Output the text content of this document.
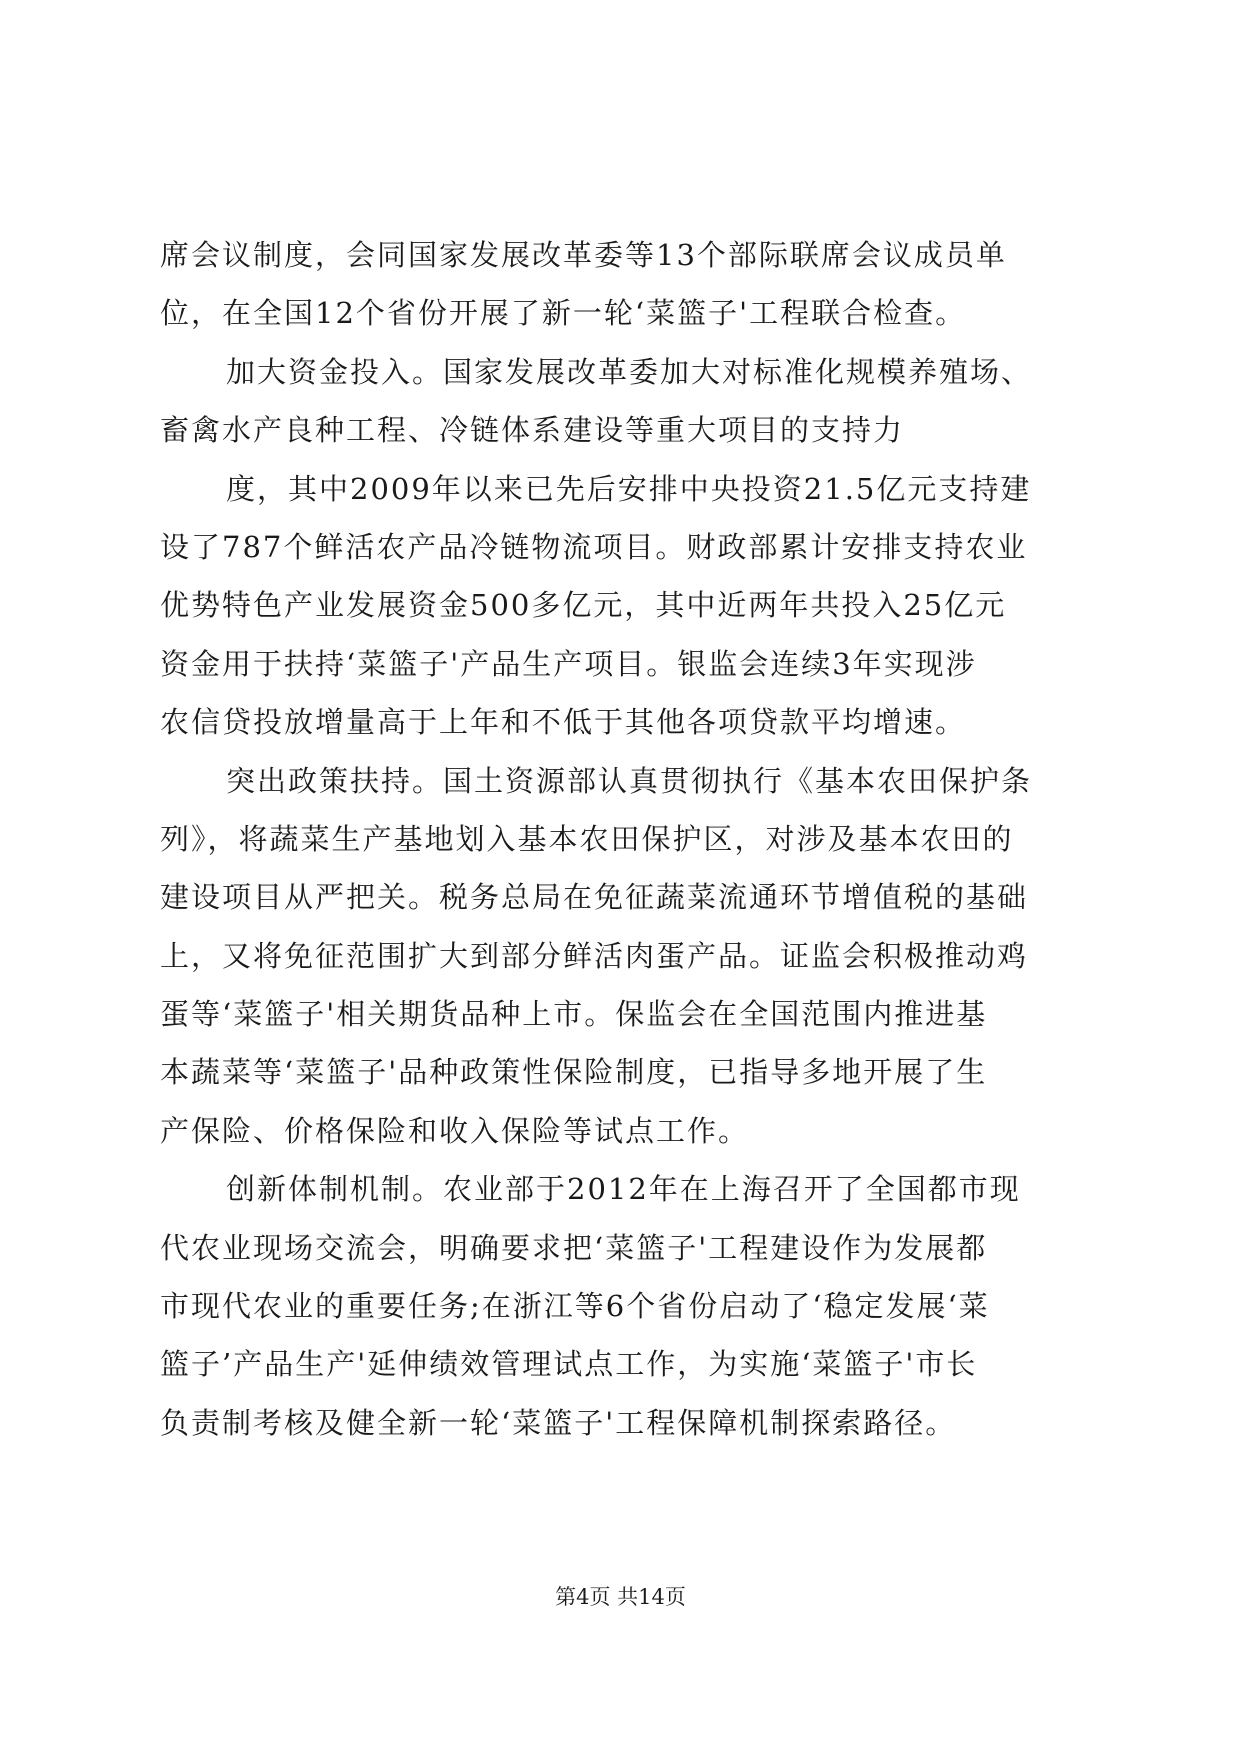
席会议制度，会同国家发展改革委等13个部际联席会议成员单
位，在全国12个省份开展了新一轮‘菜篮子'工程联合检查。
加大资金投入。国家发展改革委加大对标准化规模养殖场、
畜禽水产良种工程、冷链体系建设等重大项目的支持力
度，其中2009年以来已先后安排中央投资21.5亿元支持建
设了787个鲜活农产品冷链物流项目。财政部累计安排支持农业
优势特色产业发展资金500多亿元，其中近两年共投入25亿元
资金用于扶持‘菜篮子'产品生产项目。银监会连续3年实现涉
农信贷投放增量高于上年和不低于其他各项贷款平均增速。
突出政策扶持。国土资源部认真贯彻执行《基本农田保护条
列》，将蔬菜生产基地划入基本农田保护区，对涉及基本农田的
建设项目从严把关。税务总局在免征蔬菜流通环节增值税的基础
上，又将免征范围扩大到部分鲜活肉蛋产品。证监会积极推动鸡
蛋等‘菜篮子'相关期货品种上市。保监会在全国范围内推进基
本蔬菜等‘菜篮子'品种政策性保险制度，已指导多地开展了生
产保险、价格保险和收入保险等试点工作。
创新体制机制。农业部于2012年在上海召开了全国都市现
代农业现场交流会，明确要求把‘菜篮子'工程建设作为发展都
市现代农业的重要任务;在浙江等6个省份启动了‘稳定发展‘菜
篮子’产品生产'延伸绩效管理试点工作，为实施‘菜篮子'市长
负责制考核及健全新一轮‘菜篮子'工程保障机制探索路径。
第4页 共14页
